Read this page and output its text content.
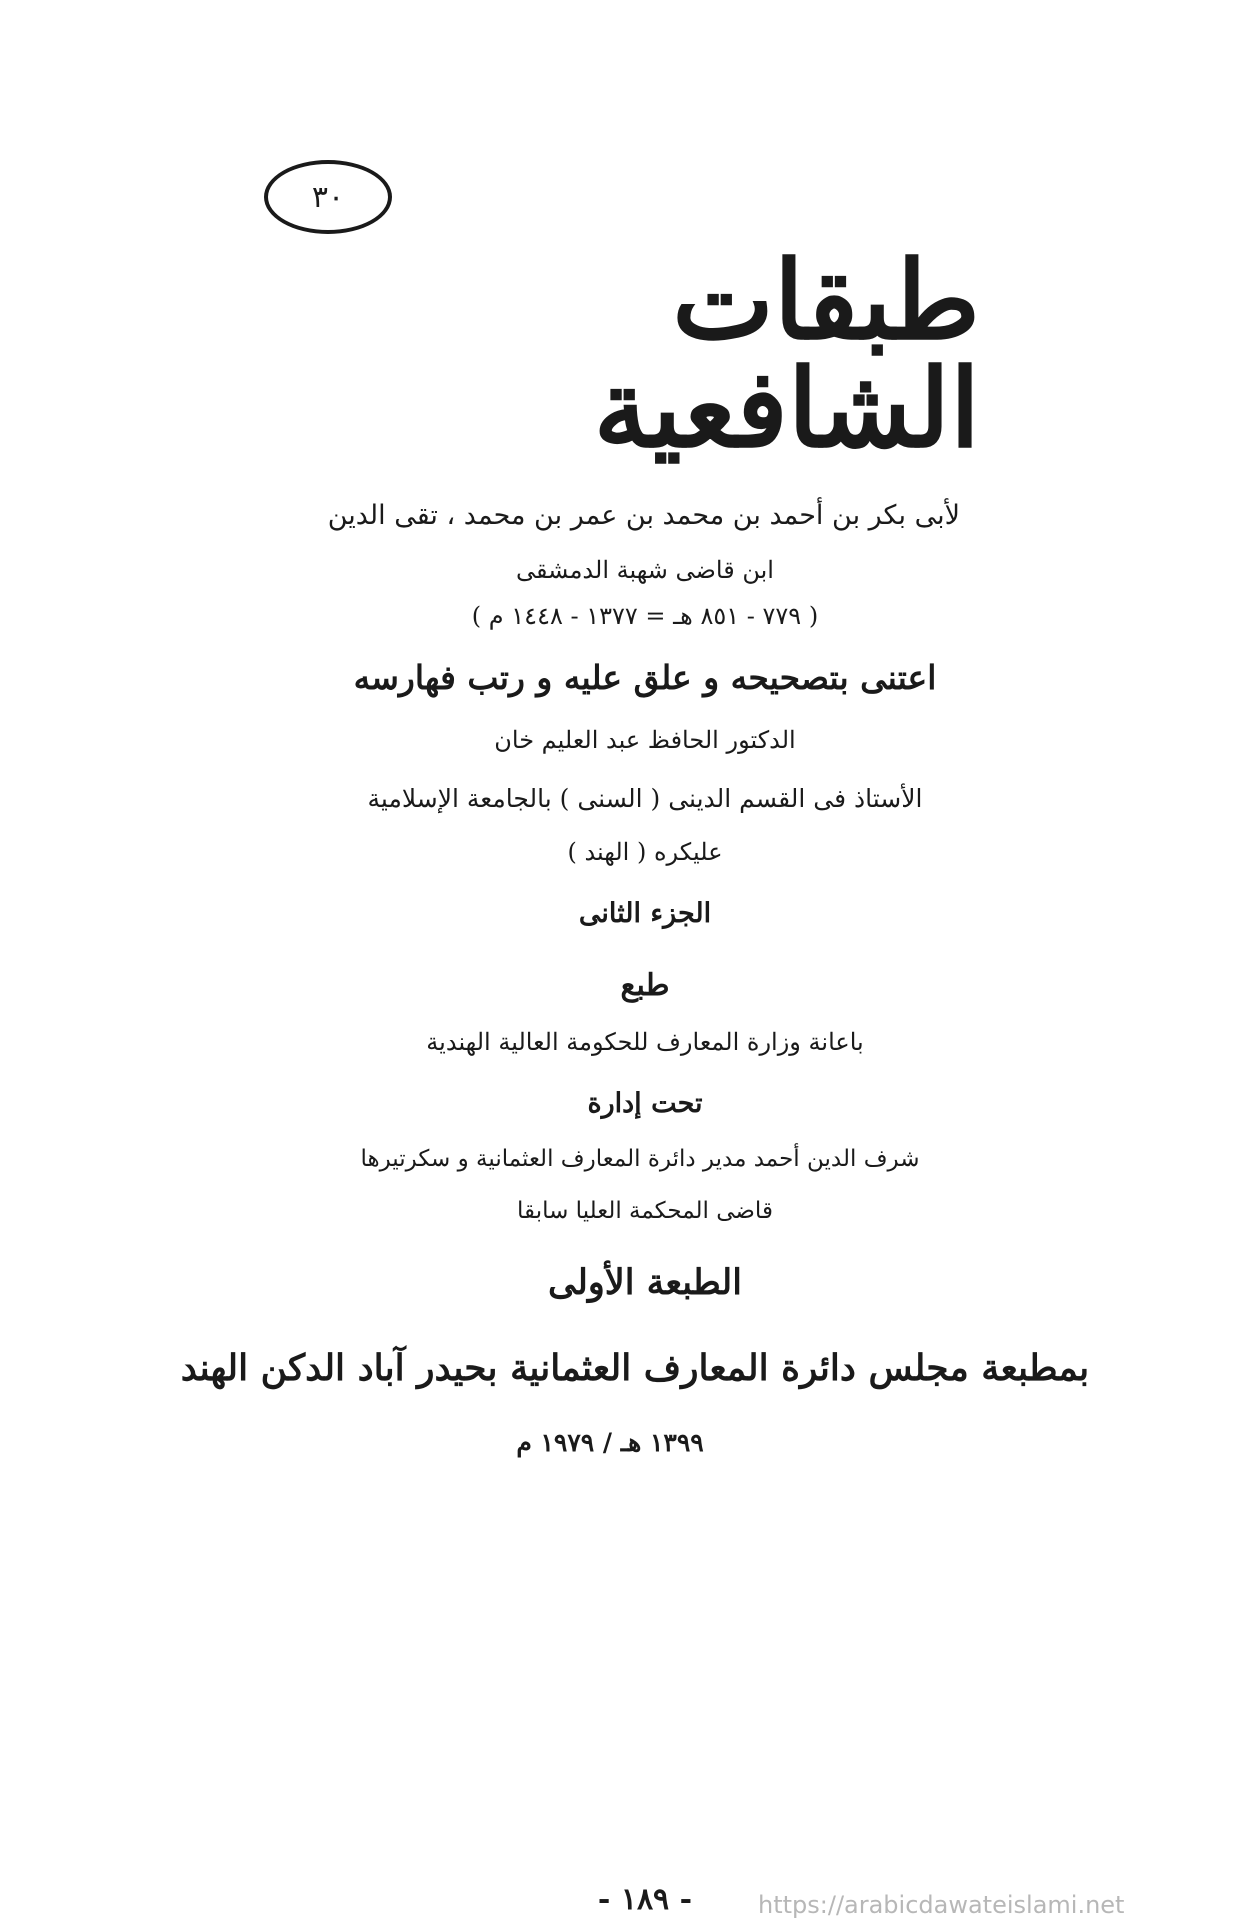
٣٠
طبقات الشافعية
لأبى بكر بن أحمد بن محمد بن عمر بن محمد ، تقى الدين
ابن قاضى شهبة الدمشقى
( ٧٧٩ - ٨٥١ هـ = ١٣٧٧ - ١٤٤٨ م )
اعتنى بتصحيحه و علق عليه و رتب فهارسه
الدكتور الحافظ عبد العليم خان
الأستاذ فى القسم الدينى ( السنى ) بالجامعة الإسلامية
عليكره ( الهند )
الجزء الثانى
طبع
باعانة وزارة المعارف للحكومة العالية الهندية
تحت إدارة
شرف الدين أحمد مدير دائرة المعارف العثمانية و سكرتيرها
قاضى المحكمة العليا سابقا
الطبعة الأولى
بمطبعة مجلس دائرة المعارف العثمانية بحيدر آباد الدكن الهند
١٣٩٩ هـ / ١٩٧٩ م
- ١٨٩ -	https://arabicdawateislami.net
